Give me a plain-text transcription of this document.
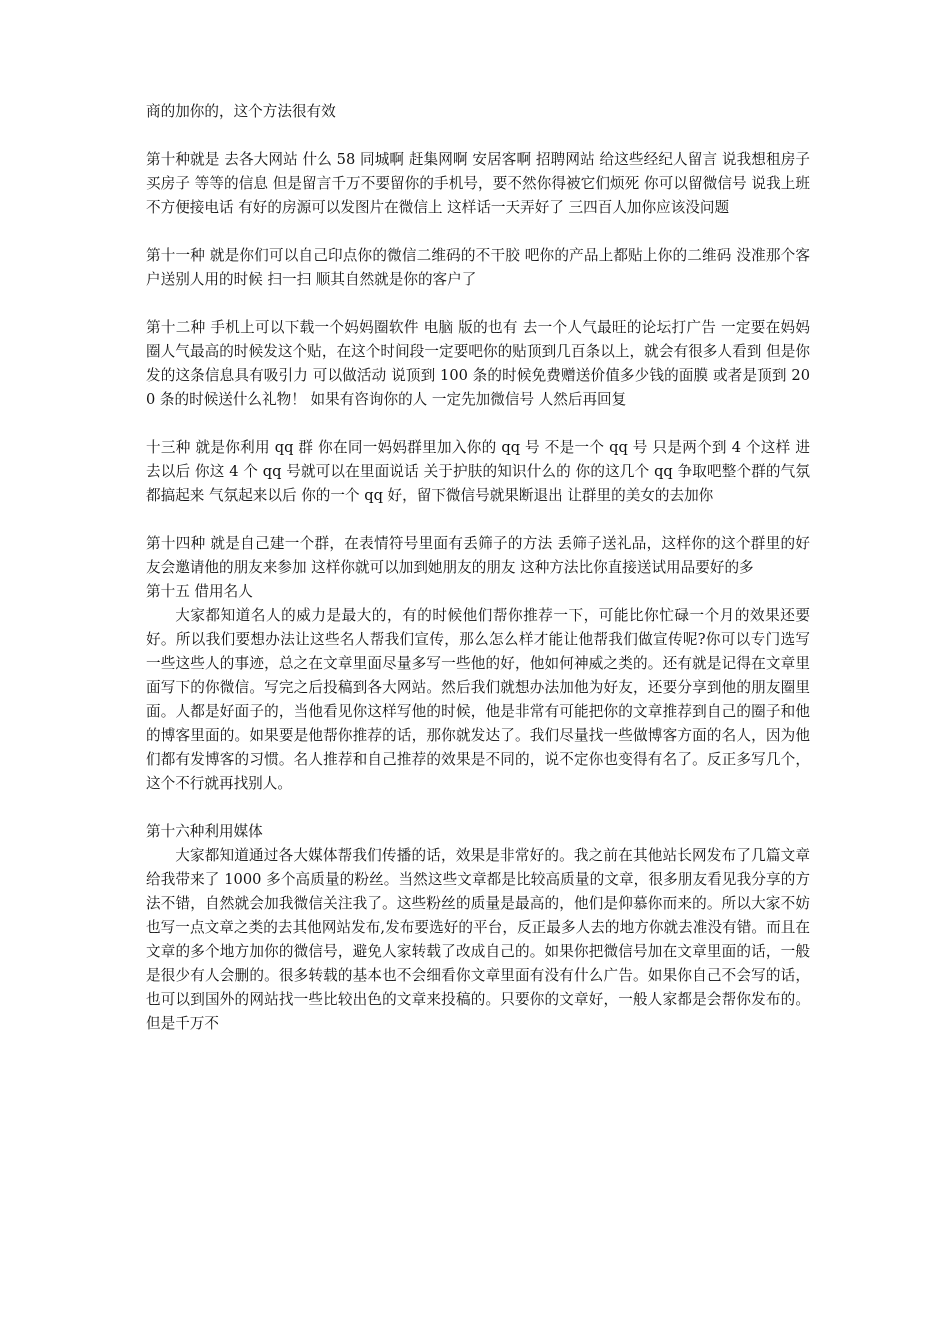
商的加你的，这个方法很有效

第十种就是 去各大网站 什么 58 同城啊 赶集网啊 安居客啊 招聘网站 给这些经纪人留言 说我想租房子 买房子 等等的信息 但是留言千万不要留你的手机号，要不然你得被它们烦死 你可以留微信号 说我上班不方便接电话 有好的房源可以发图片在微信上 这样话一天弄好了 三四百人加你应该没问题

第十一种 就是你们可以自己印点你的微信二维码的不干胶 吧你的产品上都贴上你的二维码 没准那个客户送别人用的时候 扫一扫 顺其自然就是你的客户了

第十二种 手机上可以下载一个妈妈圈软件 电脑 版的也有 去一个人气最旺的论坛打广告 一定要在妈妈圈人气最高的时候发这个贴，在这个时间段一定要吧你的贴顶到几百条以上，就会有很多人看到 但是你发的这条信息具有吸引力 可以做活动 说顶到 100 条的时候免费赠送价值多少钱的面膜 或者是顶到 200 条的时候送什么礼物！ 如果有咨询你的人 一定先加微信号 人然后再回复

十三种 就是你利用 qq 群 你在同一妈妈群里加入你的 qq 号 不是一个 qq 号 只是两个到 4 个这样 进去以后 你这 4 个 qq 号就可以在里面说话 关于护肤的知识什么的 你的这几个 qq 争取吧整个群的气氛都搞起来 气氛起来以后 你的一个 qq 好，留下微信号就果断退出 让群里的美女的去加你

第十四种 就是自己建一个群，在表情符号里面有丢筛子的方法 丢筛子送礼品，这样你的这个群里的好友会邀请他的朋友来参加 这样你就可以加到她朋友的朋友 这种方法比你直接送试用品要好的多

第十五 借用名人

大家都知道名人的威力是最大的，有的时候他们帮你推荐一下，可能比你忙碌一个月的效果还要好。所以我们要想办法让这些名人帮我们宣传，那么怎么样才能让他帮我们做宣传呢?你可以专门选写一些这些人的事迹，总之在文章里面尽量多写一些他的好，他如何神威之类的。还有就是记得在文章里面写下的你微信。写完之后投稿到各大网站。然后我们就想办法加他为好友，还要分享到他的朋友圈里面。人都是好面子的，当他看见你这样写他的时候，他是非常有可能把你的文章推荐到自己的圈子和他的博客里面的。如果要是他帮你推荐的话，那你就发达了。我们尽量找一些做博客方面的名人，因为他们都有发博客的习惯。名人推荐和自己推荐的效果是不同的，说不定你也变得有名了。反正多写几个，这个不行就再找别人。

第十六种利用媒体

大家都知道通过各大媒体帮我们传播的话，效果是非常好的。我之前在其他站长网发布了几篇文章给我带来了 1000 多个高质量的粉丝。当然这些文章都是比较高质量的文章，很多朋友看见我分享的方法不错，自然就会加我微信关注我了。这些粉丝的质量是最高的，他们是仰慕你而来的。所以大家不妨也写一点文章之类的去其他网站发布,发布要选好的平台，反正最多人去的地方你就去准没有错。而且在文章的多个地方加你的微信号，避免人家转载了改成自己的。如果你把微信号加在文章里面的话，一般是很少有人会删的。很多转载的基本也不会细看你文章里面有没有什么广告。如果你自己不会写的话，也可以到国外的网站找一些比较出色的文章来投稿的。只要你的文章好，一般人家都是会帮你发布的。但是千万不
